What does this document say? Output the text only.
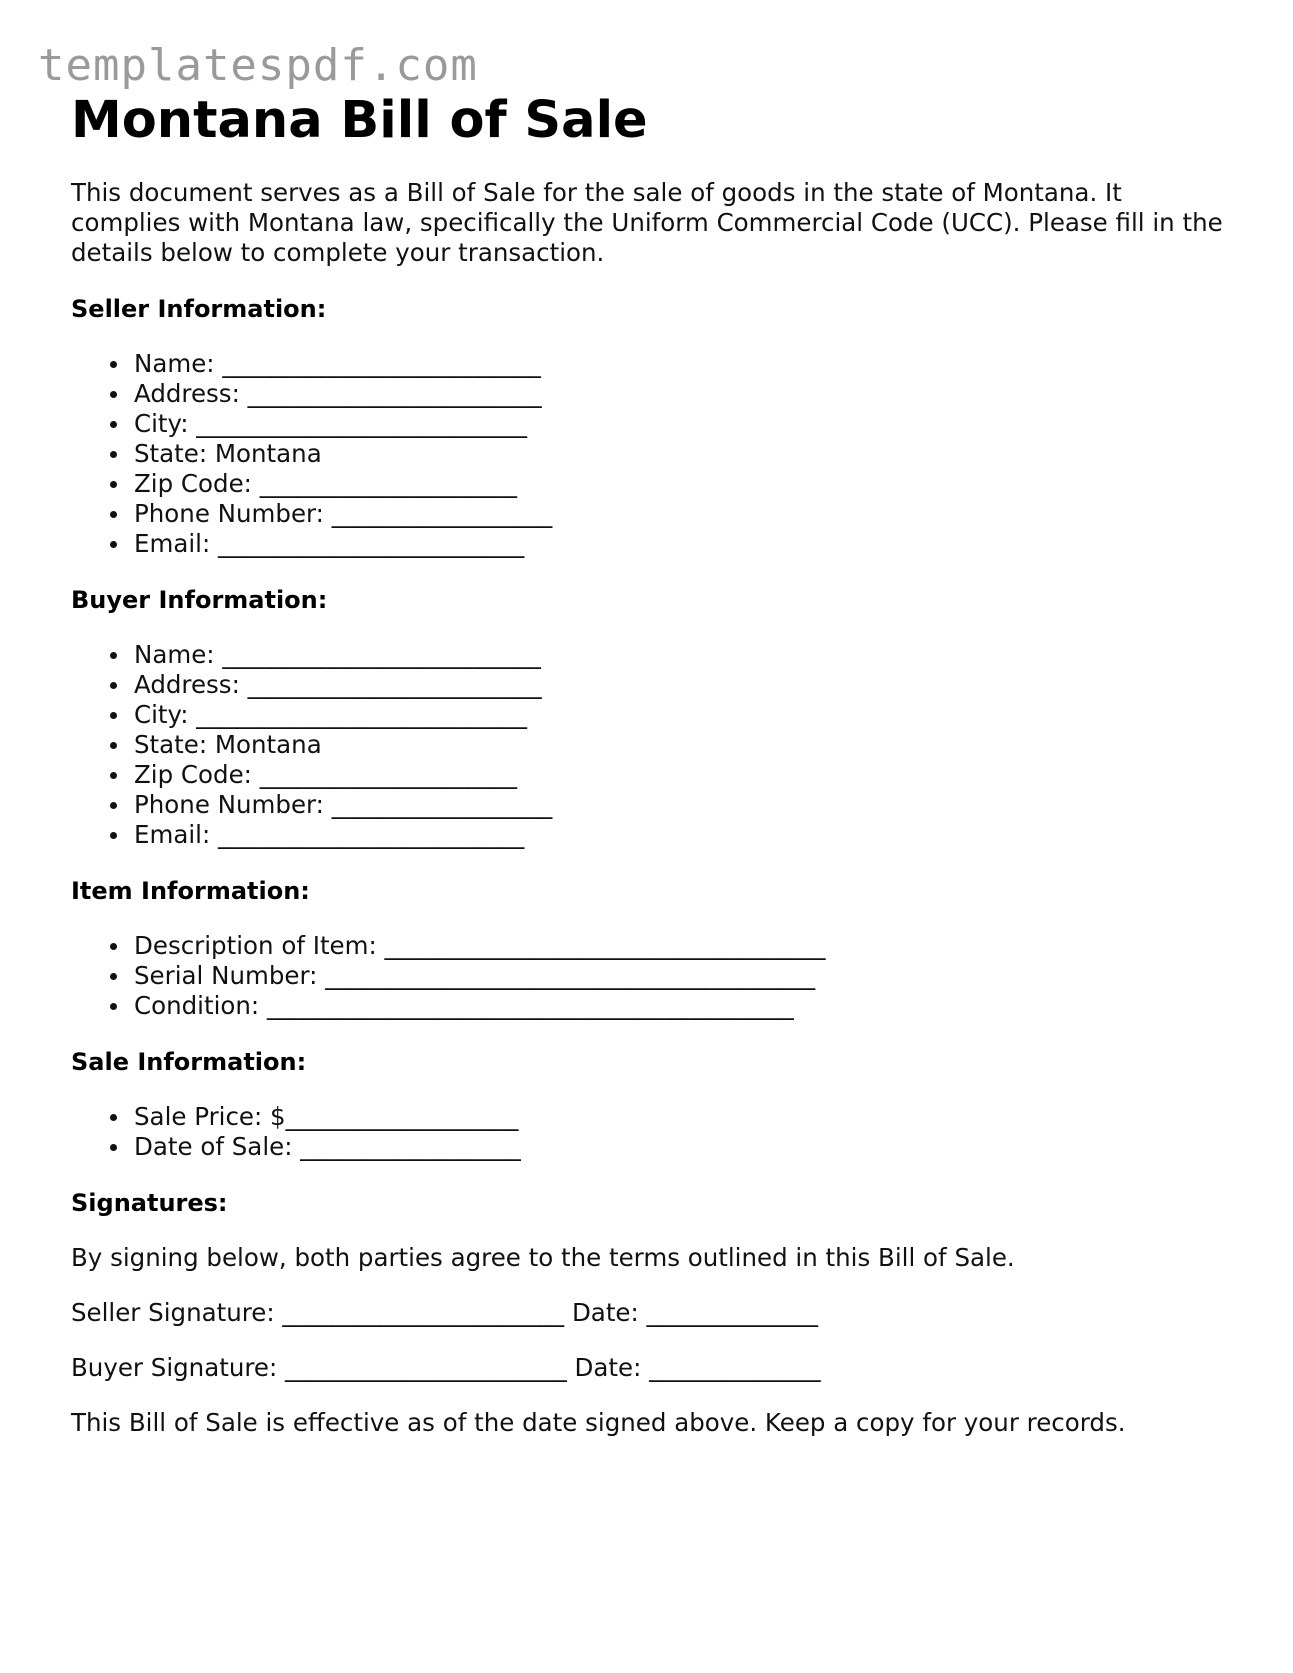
templatespdf.com
Montana Bill of Sale

This document serves as a Bill of Sale for the sale of goods in the state of Montana. It complies with Montana law, specifically the Uniform Commercial Code (UCC). Please fill in the details below to complete your transaction.

Seller Information:
Name: __________________________
Address: ________________________
City: ___________________________
State: Montana
Zip Code: _____________________
Phone Number: __________________
Email: _________________________
Buyer Information:
Name: __________________________
Address: ________________________
City: ___________________________
State: Montana
Zip Code: _____________________
Phone Number: __________________
Email: _________________________
Item Information:
Description of Item: ____________________________________
Serial Number: ________________________________________
Condition: ___________________________________________
Sale Information:
Sale Price: $___________________
Date of Sale: __________________
Signatures:

By signing below, both parties agree to the terms outlined in this Bill of Sale.

Seller Signature: _______________________ Date: ______________

Buyer Signature: _______________________ Date: ______________

This Bill of Sale is effective as of the date signed above. Keep a copy for your records.
